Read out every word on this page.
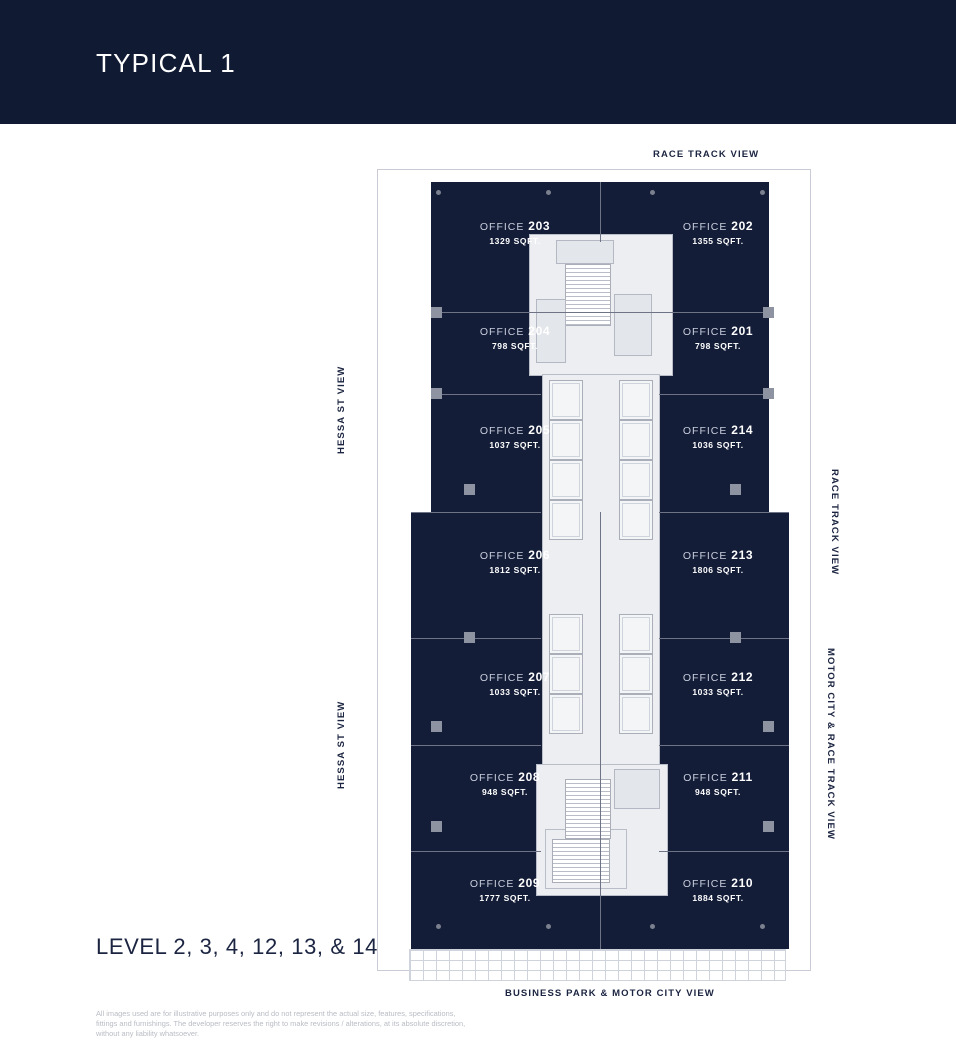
TYPICAL 1
OFFICE 203
1329 SQFT.
OFFICE 202
1355 SQFT.
OFFICE 204
798 SQFT.
OFFICE 201
798 SQFT.
OFFICE 205
1037 SQFT.
OFFICE 214
1036 SQFT.
OFFICE 206
1812 SQFT.
OFFICE 213
1806 SQFT.
OFFICE 207
1033 SQFT.
OFFICE 212
1033 SQFT.
OFFICE 208
948 SQFT.
OFFICE 211
948 SQFT.
OFFICE 209
1777 SQFT.
OFFICE 210
1884 SQFT.
RACE TRACK VIEW
BUSINESS PARK & MOTOR CITY VIEW
HESSA ST VIEW
HESSA ST VIEW
RACE TRACK VIEW
MOTOR CITY & RACE TRACK VIEW
LEVEL 2, 3, 4, 12, 13, & 14
All images used are for illustrative purposes only and do not represent the actual size, features, specifications, fittings and furnishings. The developer reserves the right to make revisions / alterations, at its absolute discretion, without any liability whatsoever.
